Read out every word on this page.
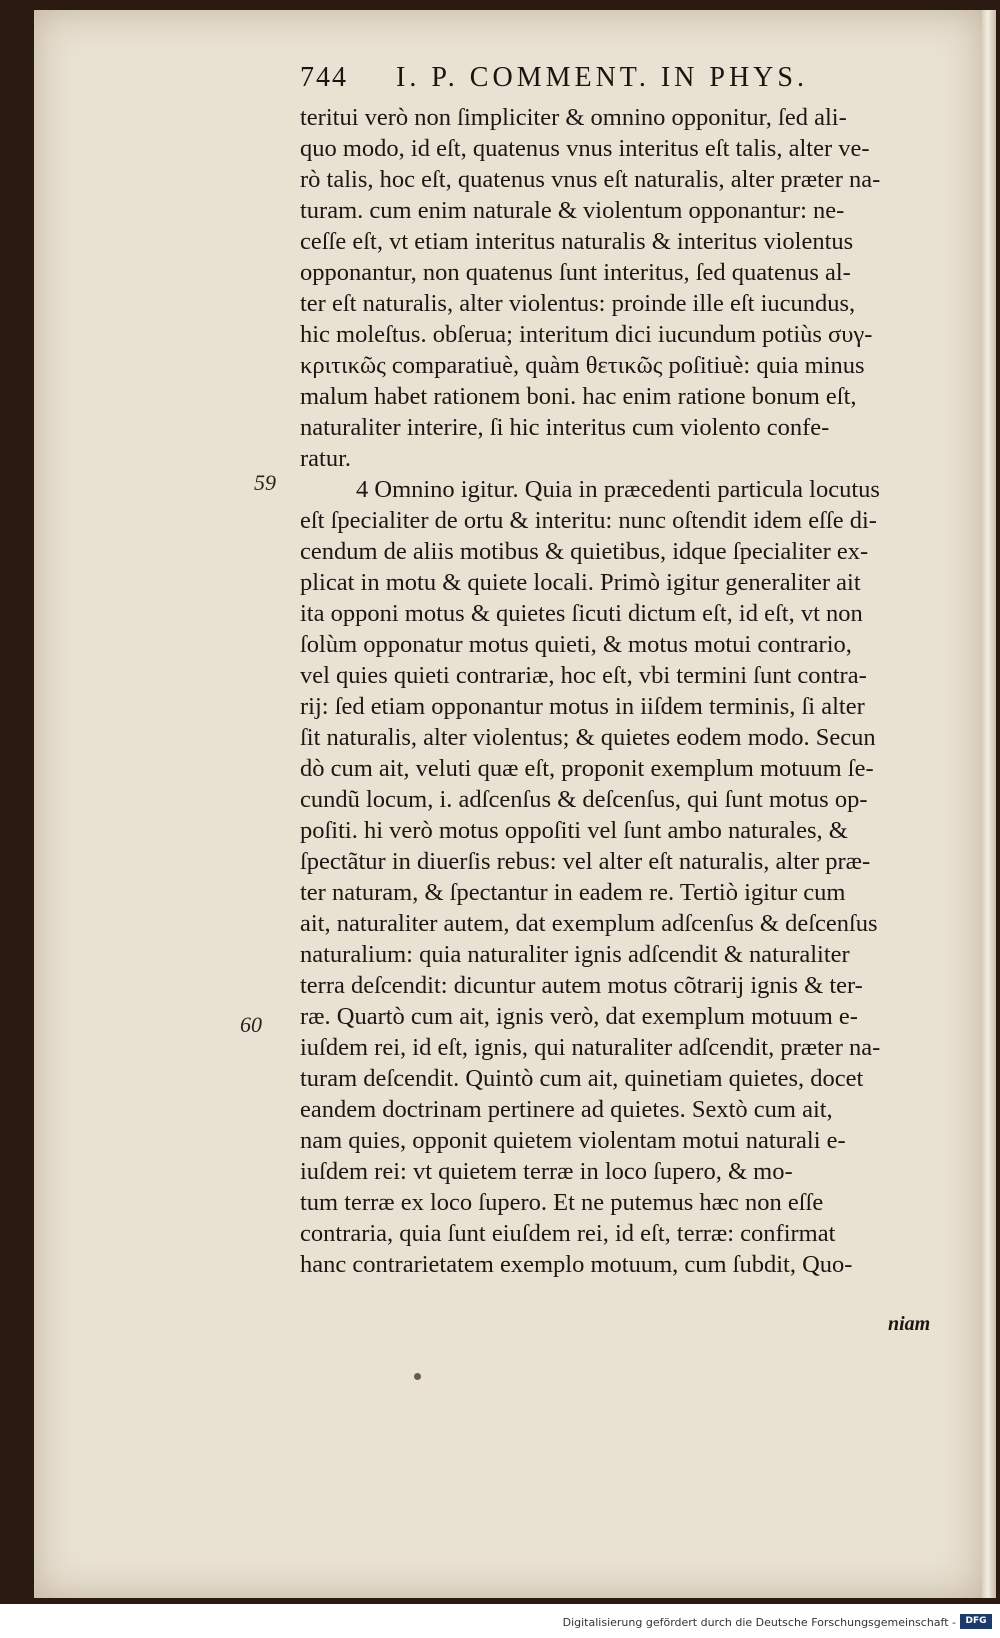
744 I. P. COMMENT. IN PHYS.
59
60
teritui verò non ſimpliciter & omnino opponitur, ſed ali-
quo modo, id eſt, quatenus vnus interitus eſt talis, alter ve-
rò talis, hoc eſt, quatenus vnus eſt naturalis, alter præter na-
turam. cum enim naturale & violentum opponantur: ne-
ceſſe eſt, vt etiam interitus naturalis & interitus violentus
opponantur, non quatenus ſunt interitus, ſed quatenus al-
ter eſt naturalis, alter violentus: proinde ille eſt iucundus,
hic moleſtus. obſerua; interitum dici iucundum potiùs συγ-
κριτικῶς comparatiuè, quàm θετικῶς poſitiuè: quia minus
malum habet rationem boni. hac enim ratione bonum eſt,
naturaliter interire, ſi hic interitus cum violento confe-
ratur.
4 Omnino igitur. Quia in præcedenti particula locutus
eſt ſpecialiter de ortu & interitu: nunc oſtendit idem eſſe di-
cendum de aliis motibus & quietibus, idque ſpecialiter ex-
plicat in motu & quiete locali. Primò igitur generaliter ait
ita opponi motus & quietes ſicuti dictum eſt, id eſt, vt non
ſolùm opponatur motus quieti, & motus motui contrario,
vel quies quieti contrariæ, hoc eſt, vbi termini ſunt contra-
rij: ſed etiam opponantur motus in iiſdem terminis, ſi alter
ſit naturalis, alter violentus; & quietes eodem modo. Secun
dò cum ait, veluti quæ eſt, proponit exemplum motuum ſe-
cundũ locum, i. adſcenſus & deſcenſus, qui ſunt motus op-
poſiti. hi verò motus oppoſiti vel ſunt ambo naturales, &
ſpectãtur in diuerſis rebus: vel alter eſt naturalis, alter præ-
ter naturam, & ſpectantur in eadem re. Tertiò igitur cum
ait, naturaliter autem, dat exemplum adſcenſus & deſcenſus
naturalium: quia naturaliter ignis adſcendit & naturaliter
terra deſcendit: dicuntur autem motus cõtrarij ignis & ter-
ræ. Quartò cum ait, ignis verò, dat exemplum motuum e-
iuſdem rei, id eſt, ignis, qui naturaliter adſcendit, præter na-
turam deſcendit. Quintò cum ait, quinetiam quietes, docet
eandem doctrinam pertinere ad quietes. Sextò cum ait,
nam quies, opponit quietem violentam motui naturali e-
iuſdem rei: vt quietem terræ in loco ſupero, & mo-
tum terræ ex loco ſupero. Et ne putemus hæc non eſſe
contraria, quia ſunt eiuſdem rei, id eſt, terræ: confirmat
hanc contrarietatem exemplo motuum, cum ſubdit, Quo-
niam
Digitalisierung gefördert durch die Deutsche Forschungsgemeinschaft -	DFG
